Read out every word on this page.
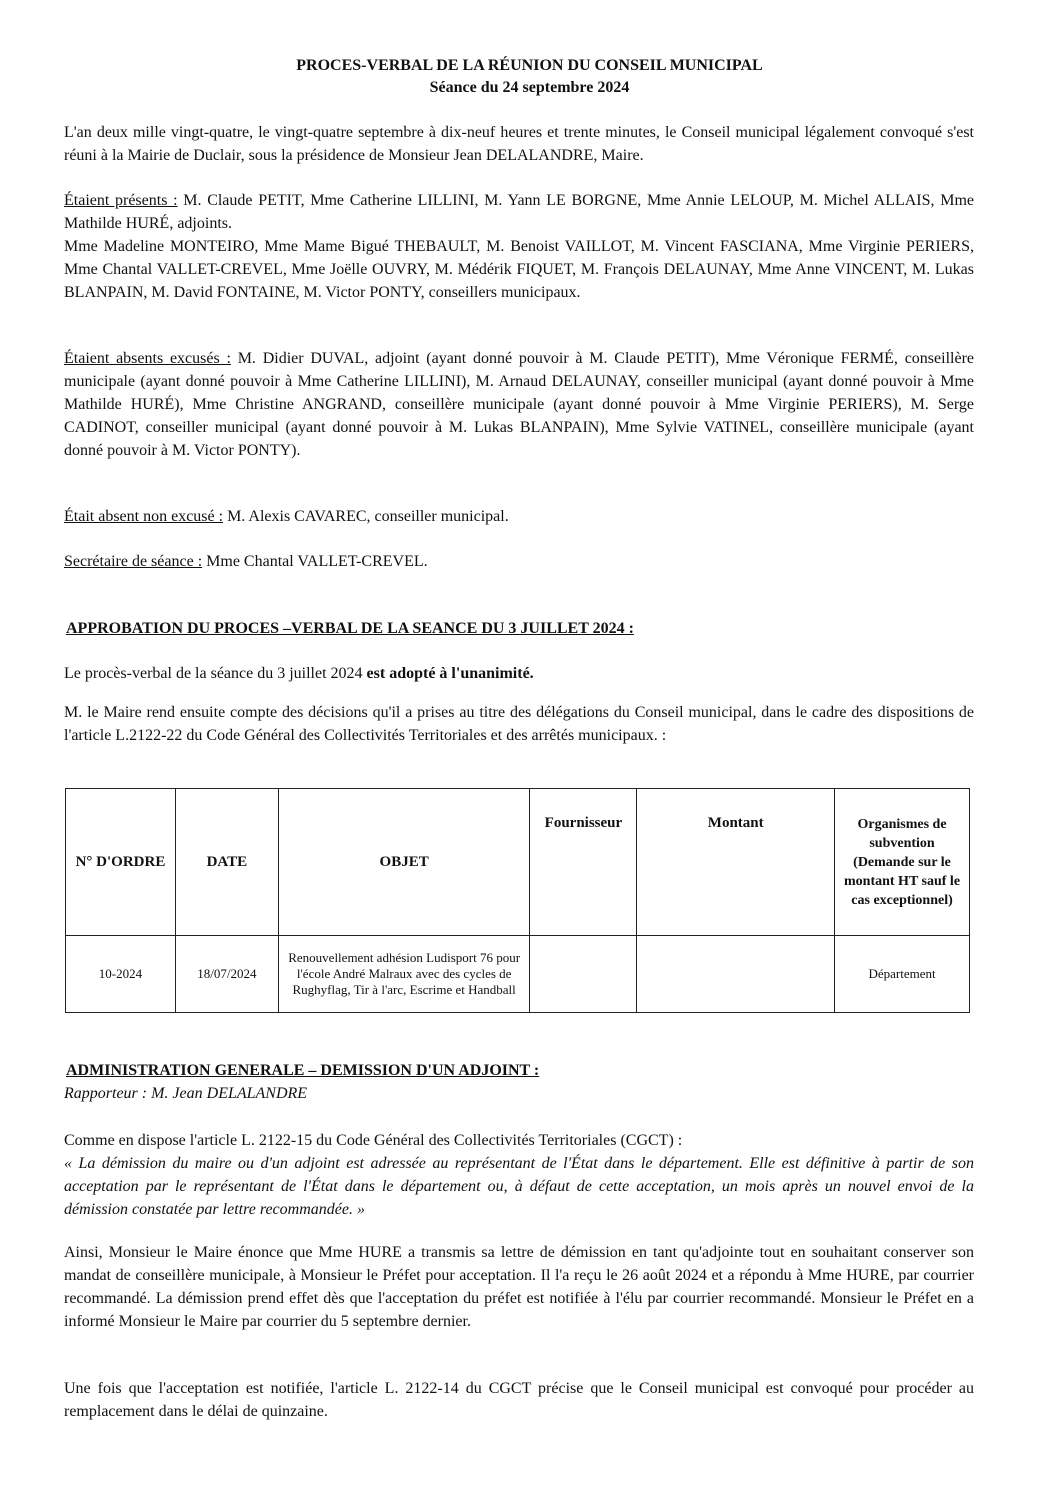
PROCES-VERBAL DE LA RÉUNION DU CONSEIL MUNICIPAL
Séance du 24 septembre 2024
L'an deux mille vingt-quatre, le vingt-quatre septembre à dix-neuf heures et trente minutes, le Conseil municipal légalement convoqué s'est réuni à la Mairie de Duclair, sous la présidence de Monsieur Jean DELALANDRE, Maire.
Étaient présents : M. Claude PETIT, Mme Catherine LILLINI, M. Yann LE BORGNE, Mme Annie LELOUP, M. Michel ALLAIS, Mme Mathilde HURÉ, adjoints.
Mme Madeline MONTEIRO, Mme Mame Bigué THEBAULT, M. Benoist VAILLOT, M. Vincent FASCIANA, Mme Virginie PERIERS, Mme Chantal VALLET-CREVEL, Mme Joëlle OUVRY, M. Médérik FIQUET, M. François DELAUNAY, Mme Anne VINCENT, M. Lukas BLANPAIN, M. David FONTAINE, M. Victor PONTY, conseillers municipaux.
Étaient absents excusés : M. Didier DUVAL, adjoint (ayant donné pouvoir à M. Claude PETIT), Mme Véronique FERMÉ, conseillère municipale (ayant donné pouvoir à Mme Catherine LILLINI), M. Arnaud DELAUNAY, conseiller municipal (ayant donné pouvoir à Mme Mathilde HURÉ), Mme Christine ANGRAND, conseillère municipale (ayant donné pouvoir à Mme Virginie PERIERS), M. Serge CADINOT, conseiller municipal (ayant donné pouvoir à M. Lukas BLANPAIN), Mme Sylvie VATINEL, conseillère municipale (ayant donné pouvoir à M. Victor PONTY).
Était absent non excusé : M. Alexis CAVAREC, conseiller municipal.
Secrétaire de séance : Mme Chantal VALLET-CREVEL.
APPROBATION DU PROCES –VERBAL DE LA SEANCE DU 3 JUILLET 2024 :
Le procès-verbal de la séance du 3 juillet 2024 est adopté à l'unanimité.
M. le Maire rend ensuite compte des décisions qu'il a prises au titre des délégations du Conseil municipal, dans le cadre des dispositions de l'article L.2122-22 du Code Général des Collectivités Territoriales et des arrêtés municipaux. :
N° D'ORDRE	DATE	OBJET	Fournisseur	Montant	Organismes de subvention (Demande sur le montant HT sauf le cas exceptionnel)
10-2024	18/07/2024	Renouvellement adhésion Ludisport 76 pour l'école André Malraux avec des cycles de Rughyflag, Tir à l'arc, Escrime et Handball			Département
ADMINISTRATION GENERALE – DEMISSION D'UN ADJOINT :
Rapporteur : M. Jean DELALANDRE
Comme en dispose l'article L. 2122-15 du Code Général des Collectivités Territoriales (CGCT) :
« La démission du maire ou d'un adjoint est adressée au représentant de l'État dans le département. Elle est définitive à partir de son acceptation par le représentant de l'État dans le département ou, à défaut de cette acceptation, un mois après un nouvel envoi de la démission constatée par lettre recommandée. »
Ainsi, Monsieur le Maire énonce que Mme HURE a transmis sa lettre de démission en tant qu'adjointe tout en souhaitant conserver son mandat de conseillère municipale, à Monsieur le Préfet pour acceptation. Il l'a reçu le 26 août 2024 et a répondu à Mme HURE, par courrier recommandé. La démission prend effet dès que l'acceptation du préfet est notifiée à l'élu par courrier recommandé. Monsieur le Préfet en a informé Monsieur le Maire par courrier du 5 septembre dernier.
Une fois que l'acceptation est notifiée, l'article L. 2122-14 du CGCT précise que le Conseil municipal est convoqué pour procéder au remplacement dans le délai de quinzaine.
